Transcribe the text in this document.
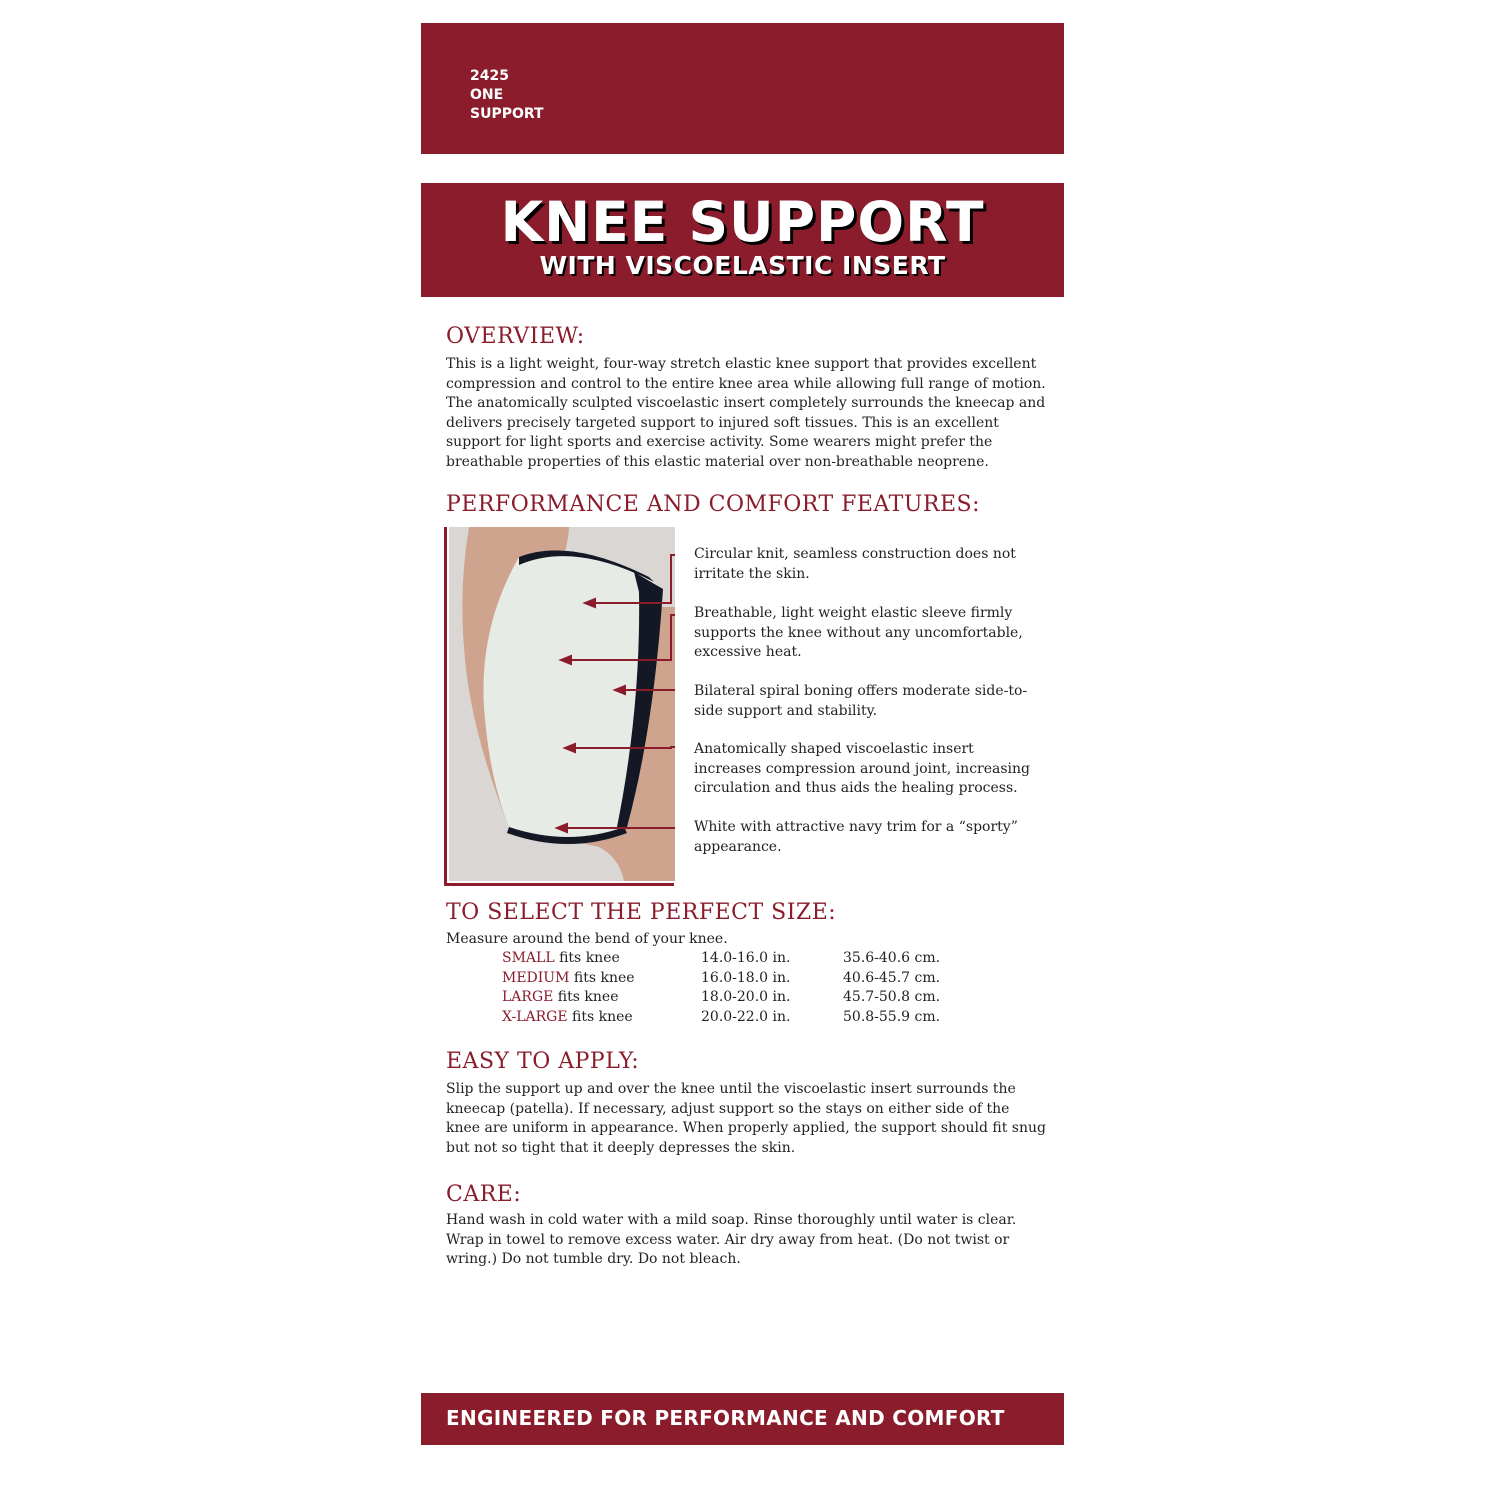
2425
ONE
SUPPORT
KNEE SUPPORT
WITH VISCOELASTIC INSERT
OVERVIEW:
This is a light weight, four-way stretch elastic knee support that provides excellent compression and control to the entire knee area while allowing full range of motion. The anatomically sculpted viscoelastic insert completely surrounds the kneecap and delivers precisely targeted support to injured soft tissues. This is an excellent support for light sports and exercise activity. Some wearers might prefer the breathable properties of this elastic material over non-breathable neoprene.
PERFORMANCE AND COMFORT FEATURES:
Circular knit, seamless construction does not irritate the skin.
Breathable, light weight elastic sleeve firmly supports the knee without any uncomfortable, excessive heat.
Bilateral spiral boning offers moderate side-to-side support and stability.
Anatomically shaped viscoelastic insert increases compression around joint, increasing circulation and thus aids the healing process.
White with attractive navy trim for a “sporty” appearance.
TO SELECT THE PERFECT SIZE:
Measure around the bend of your knee.
SMALL fits knee	14.0-16.0 in.	35.6-40.6 cm.
MEDIUM fits knee	16.0-18.0 in.	40.6-45.7 cm.
LARGE fits knee	18.0-20.0 in.	45.7-50.8 cm.
X-LARGE fits knee	20.0-22.0 in.	50.8-55.9 cm.
EASY TO APPLY:
Slip the support up and over the knee until the viscoelastic insert surrounds the kneecap (patella). If necessary, adjust support so the stays on either side of the knee are uniform in appearance. When properly applied, the support should fit snug but not so tight that it deeply depresses the skin.
CARE:
Hand wash in cold water with a mild soap. Rinse thoroughly until water is clear. Wrap in towel to remove excess water. Air dry away from heat. (Do not twist or wring.) Do not tumble dry. Do not bleach.
ENGINEERED FOR PERFORMANCE AND COMFORT
